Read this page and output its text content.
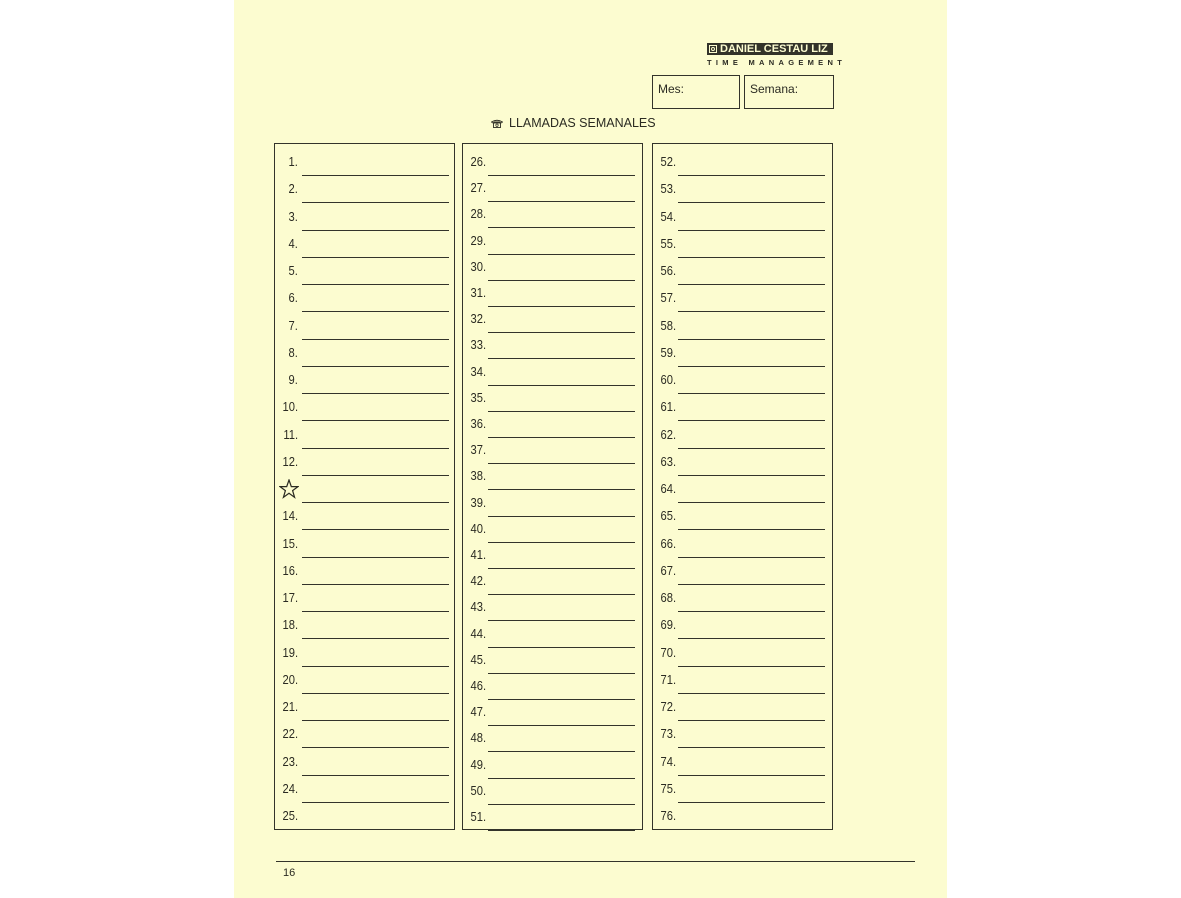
DANIEL CESTAU LIZ
TIME MANAGEMENT
Mes:	Semana:
LLAMADAS SEMANALES
1.
2.
3.
4.
5.
6.
7.
8.
9.
10.
11.
12.
14.
15.
16.
17.
18.
19.
20.
21.
22.
23.
24.
25.
26.
27.
28.
29.
30.
31.
32.
33.
34.
35.
36.
37.
38.
39.
40.
41.
42.
43.
44.
45.
46.
47.
48.
49.
50.
51.
52.
53.
54.
55.
56.
57.
58.
59.
60.
61.
62.
63.
64.
65.
66.
67.
68.
69.
70.
71.
72.
73.
74.
75.
76.
16
